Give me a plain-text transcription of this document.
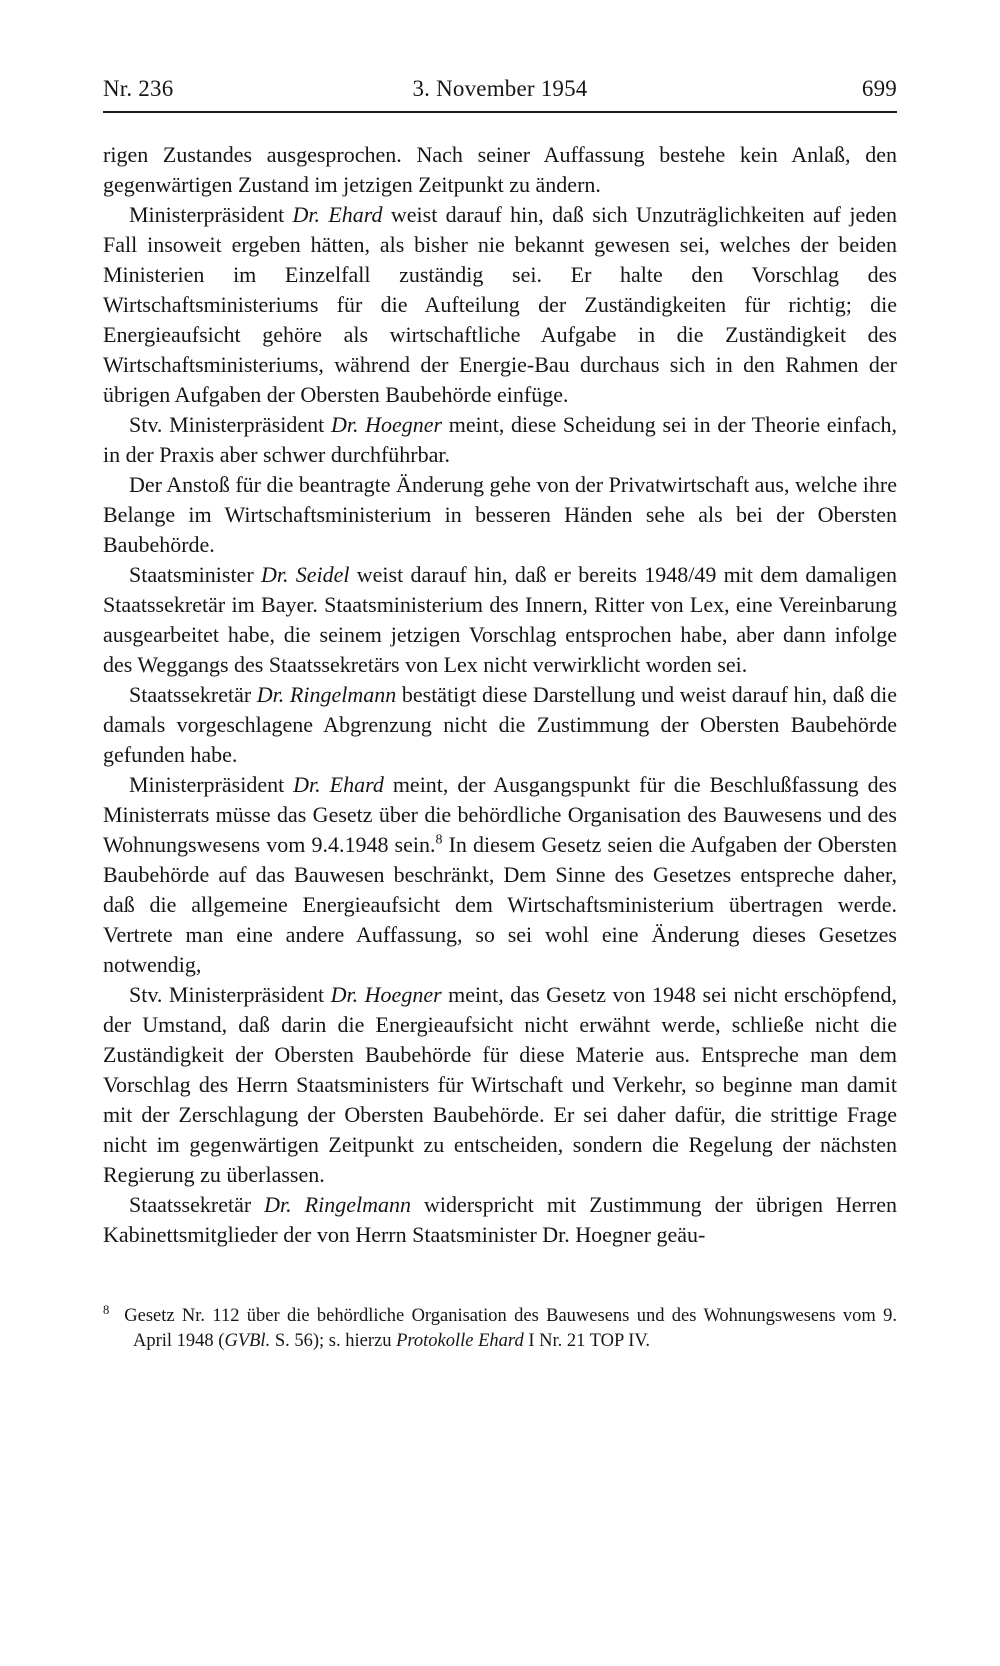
Nr. 236	3. November 1954	699

rigen Zustandes ausgesprochen. Nach seiner Auffassung bestehe kein Anlaß, den gegenwärtigen Zustand im jetzigen Zeitpunkt zu ändern.

Ministerpräsident Dr. Ehard weist darauf hin, daß sich Unzuträglichkeiten auf jeden Fall insoweit ergeben hätten, als bisher nie bekannt gewesen sei, welches der beiden Ministerien im Einzelfall zuständig sei. Er halte den Vorschlag des Wirtschaftsministeriums für die Aufteilung der Zuständigkeiten für richtig; die Energieaufsicht gehöre als wirtschaftliche Aufgabe in die Zuständigkeit des Wirtschaftsministeriums, während der Energie-Bau durchaus sich in den Rahmen der übrigen Aufgaben der Obersten Baubehörde einfüge.

Stv. Ministerpräsident Dr. Hoegner meint, diese Scheidung sei in der Theorie einfach, in der Praxis aber schwer durchführbar.

Der Anstoß für die beantragte Änderung gehe von der Privatwirtschaft aus, welche ihre Belange im Wirtschaftsministerium in besseren Händen sehe als bei der Obersten Baubehörde.

Staatsminister Dr. Seidel weist darauf hin, daß er bereits 1948/49 mit dem damaligen Staatssekretär im Bayer. Staatsministerium des Innern, Ritter von Lex, eine Vereinbarung ausgearbeitet habe, die seinem jetzigen Vorschlag entsprochen habe, aber dann infolge des Weggangs des Staatssekretärs von Lex nicht verwirklicht worden sei.

Staatssekretär Dr. Ringelmann bestätigt diese Darstellung und weist darauf hin, daß die damals vorgeschlagene Abgrenzung nicht die Zustimmung der Obersten Baubehörde gefunden habe.

Ministerpräsident Dr. Ehard meint, der Ausgangspunkt für die Beschlußfassung des Ministerrats müsse das Gesetz über die behördliche Organisation des Bauwesens und des Wohnungswesens vom 9.4.1948 sein.$^8$ In diesem Gesetz seien die Aufgaben der Obersten Baubehörde auf das Bauwesen beschränkt, Dem Sinne des Gesetzes entspreche daher, daß die allgemeine Energieaufsicht dem Wirtschaftsministerium übertragen werde. Vertrete man eine andere Auffassung, so sei wohl eine Änderung dieses Gesetzes notwendig,

Stv. Ministerpräsident Dr. Hoegner meint, das Gesetz von 1948 sei nicht erschöpfend, der Umstand, daß darin die Energieaufsicht nicht erwähnt werde, schließe nicht die Zuständigkeit der Obersten Baubehörde für diese Materie aus. Entspreche man dem Vorschlag des Herrn Staatsministers für Wirtschaft und Verkehr, so beginne man damit mit der Zerschlagung der Obersten Baubehörde. Er sei daher dafür, die strittige Frage nicht im gegenwärtigen Zeitpunkt zu entscheiden, sondern die Regelung der nächsten Regierung zu überlassen.

Staatssekretär Dr. Ringelmann widerspricht mit Zustimmung der übrigen Herren Kabinettsmitglieder der von Herrn Staatsminister Dr. Hoegner geäu-

$^8$ Gesetz Nr. 112 über die behördliche Organisation des Bauwesens und des Wohnungswesens vom 9. April 1948 (GVBl. S. 56); s. hierzu Protokolle Ehard I Nr. 21 TOP IV.
